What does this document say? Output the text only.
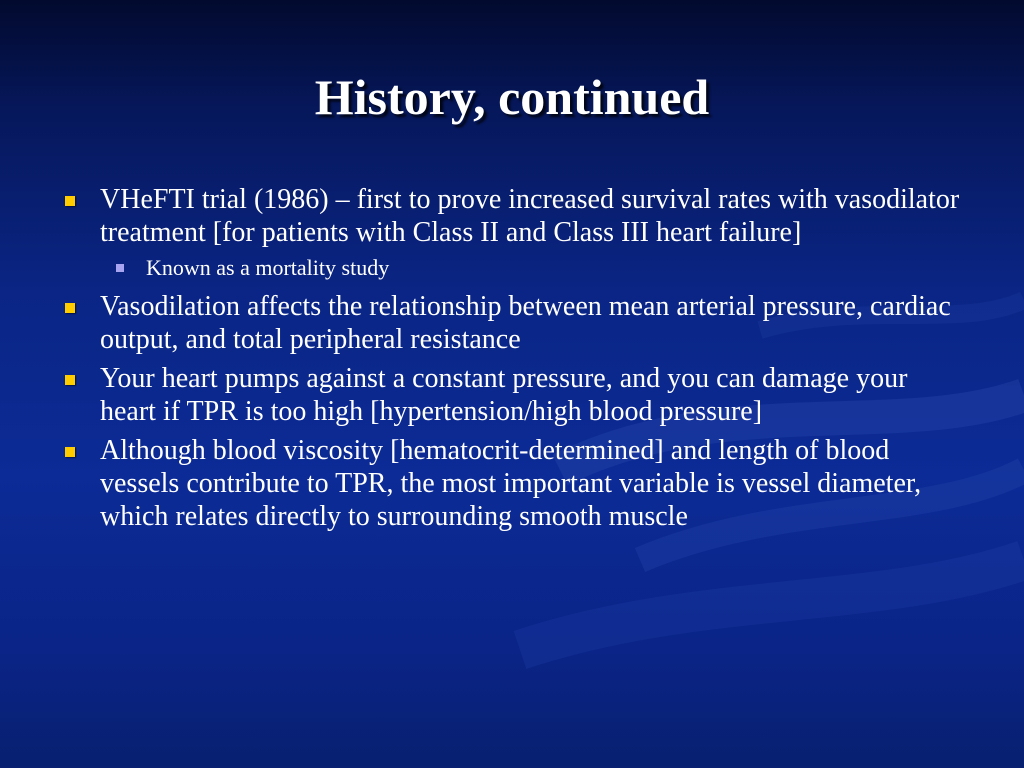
History, continued

VHeFTI trial (1986) – first to prove increased survival rates with vasodilator treatment [for patients with Class II and Class III heart failure]

Known as a mortality study

Vasodilation affects the relationship between mean arterial pressure, cardiac output, and total peripheral resistance

Your heart pumps against a constant pressure, and you can damage your heart if TPR is too high [hypertension/high blood pressure]

Although blood viscosity [hematocrit-determined] and length of blood vessels contribute to TPR, the most important variable is vessel diameter, which relates directly to surrounding smooth muscle
